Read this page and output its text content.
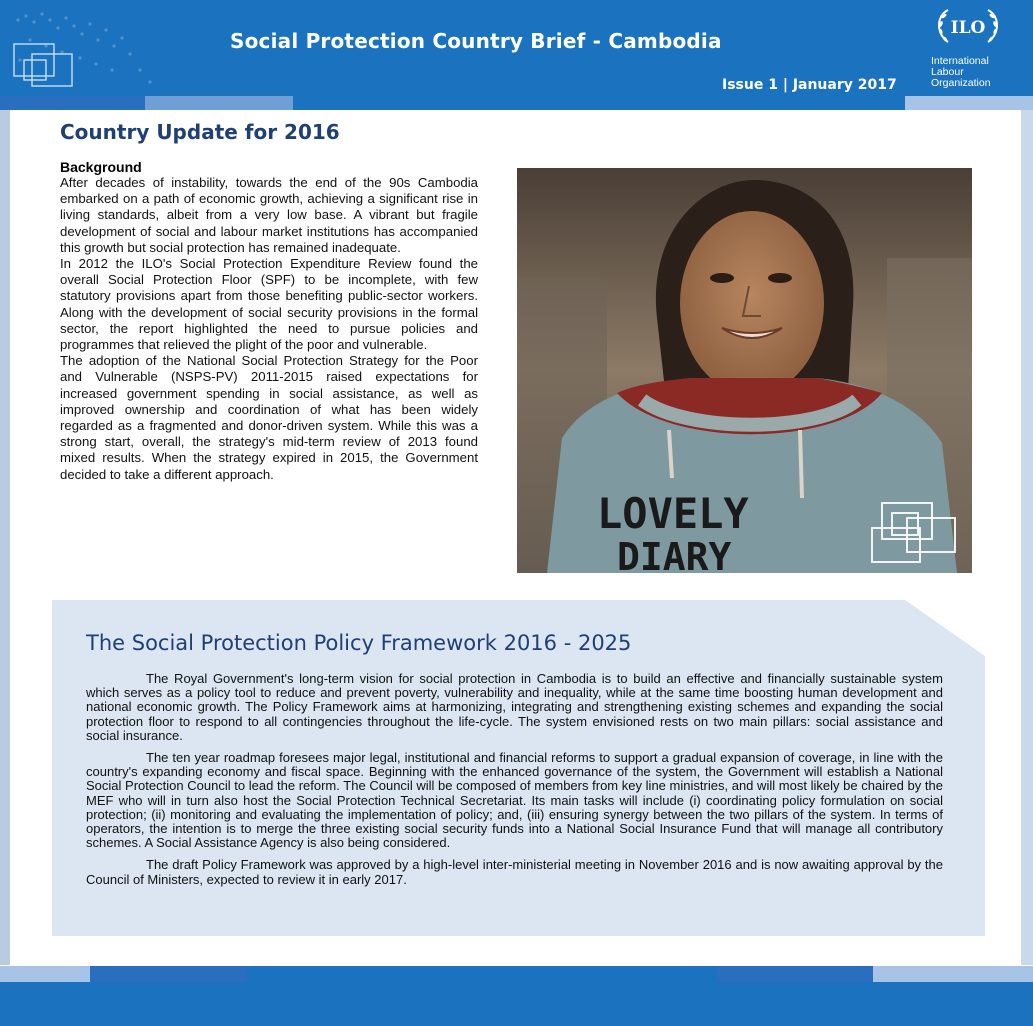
Social Protection Country Brief - Cambodia
Issue 1 | January 2017
ILO
International
Labour
Organization
Country Update for 2016
Background

After decades of instability, towards the end of the 90s Cambodia embarked on a path of economic growth, achieving a significant rise in living standards, albeit from a very low base. A vibrant but fragile development of social and labour market institutions has accompanied this growth but social protection has remained inadequate.

In 2012 the ILO's Social Protection Expenditure Review found the overall Social Protection Floor (SPF) to be incomplete, with few statutory provisions apart from those benefiting public-sector workers. Along with the development of social security provisions in the formal sector, the report highlighted the need to pursue policies and programmes that relieved the plight of the poor and vulnerable.

The adoption of the National Social Protection Strategy for the Poor and Vulnerable (NSPS-PV) 2011-2015 raised expectations for increased government spending in social assistance, as well as improved ownership and coordination of what has been widely regarded as a fragmented and donor-driven system. While this was a strong start, overall, the strategy's mid-term review of 2013 found mixed results. When the strategy expired in 2015, the Government decided to take a different approach.

LOVELY
DIARY
The Social Protection Policy Framework 2016 - 2025

The Royal Government's long-term vision for social protection in Cambodia is to build an effective and financially sustainable system which serves as a policy tool to reduce and prevent poverty, vulnerability and inequality, while at the same time boosting human development and national economic growth. The Policy Framework aims at harmonizing, integrating and strengthening existing schemes and expanding the social protection floor to respond to all contingencies throughout the life-cycle. The system envisioned rests on two main pillars: social assistance and social insurance.

The ten year roadmap foresees major legal, institutional and financial reforms to support a gradual expansion of coverage, in line with the country's expanding economy and fiscal space. Beginning with the enhanced governance of the system, the Government will establish a National Social Protection Council to lead the reform. The Council will be composed of members from key line ministries, and will most likely be chaired by the MEF who will in turn also host the Social Protection Technical Secretariat. Its main tasks will include (i) coordinating policy formulation on social protection; (ii) monitoring and evaluating the implementation of policy; and, (iii) ensuring synergy between the two pillars of the system. In terms of operators, the intention is to merge the three existing social security funds into a National Social Insurance Fund that will manage all contributory schemes. A Social Assistance Agency is also being considered.

The draft Policy Framework was approved by a high-level inter-ministerial meeting in November 2016 and is now awaiting approval by the Council of Ministers, expected to review it in early 2017.
